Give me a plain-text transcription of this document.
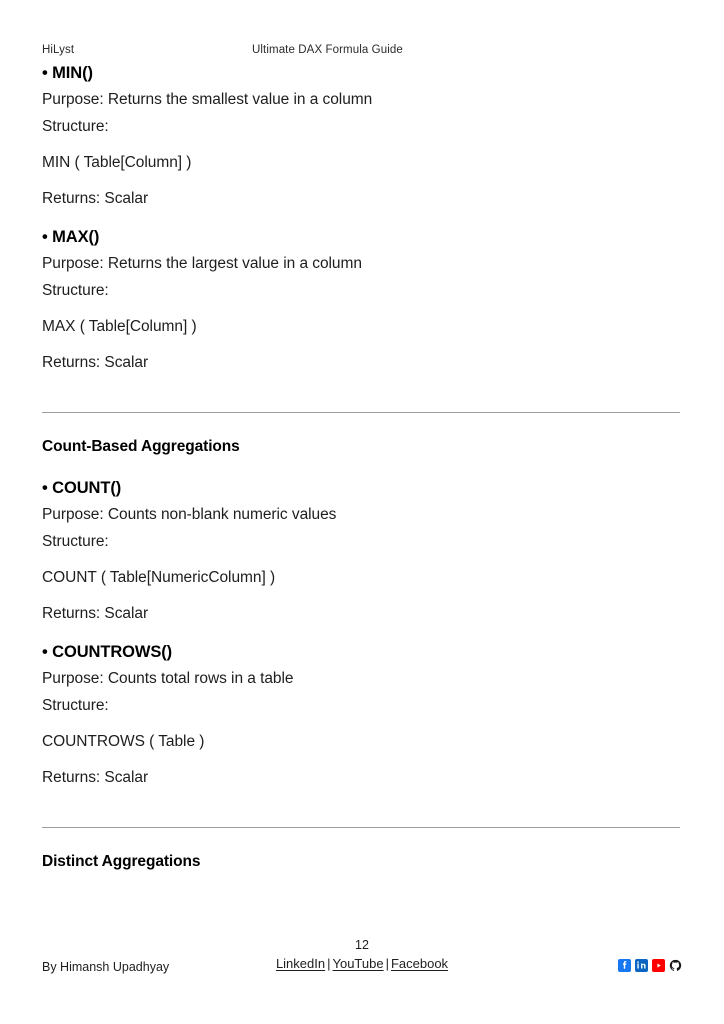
HiLyst	Ultimate DAX Formula Guide

• MIN()

Purpose: Returns the smallest value in a column

Structure:

MIN ( Table[Column] )

Returns: Scalar

• MAX()

Purpose: Returns the largest value in a column

Structure:

MAX ( Table[Column] )

Returns: Scalar

Count-Based Aggregations

• COUNT()

Purpose: Counts non-blank numeric values

Structure:

COUNT ( Table[NumericColumn] )

Returns: Scalar

• COUNTROWS()

Purpose: Counts total rows in a table

Structure:

COUNTROWS ( Table )

Returns: Scalar

Distinct Aggregations

12
LinkedIn | YouTube | Facebook
By Himansh Upadhyay
